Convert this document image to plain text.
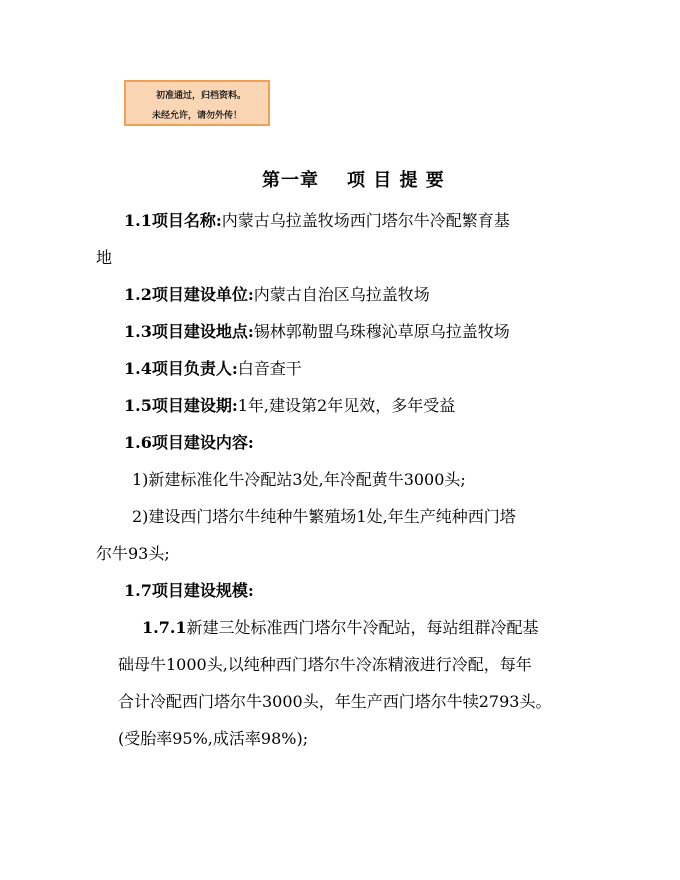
初准通过，归档资料。
未经允许，请勿外传！
第一章 项 目 提 要
1.1项目名称:内蒙古乌拉盖牧场西门塔尔牛冷配繁育基
地
1.2项目建设单位:内蒙古自治区乌拉盖牧场
1.3项目建设地点:锡林郭勒盟乌珠穆沁草原乌拉盖牧场
1.4项目负责人:白音查干
1.5项目建设期:1年,建设第2年见效，多年受益
1.6项目建设内容:
1)新建标准化牛冷配站3处,年冷配黄牛3000头;
2)建设西门塔尔牛纯种牛繁殖场1处,年生产纯种西门塔
尔牛93头;
1.7项目建设规模:
1.7.1新建三处标准西门塔尔牛冷配站，每站组群冷配基
础母牛1000头,以纯种西门塔尔牛冷冻精液进行冷配，每年
合计冷配西门塔尔牛3000头，年生产西门塔尔牛犊2793头。
(受胎率95%,成活率98%);
